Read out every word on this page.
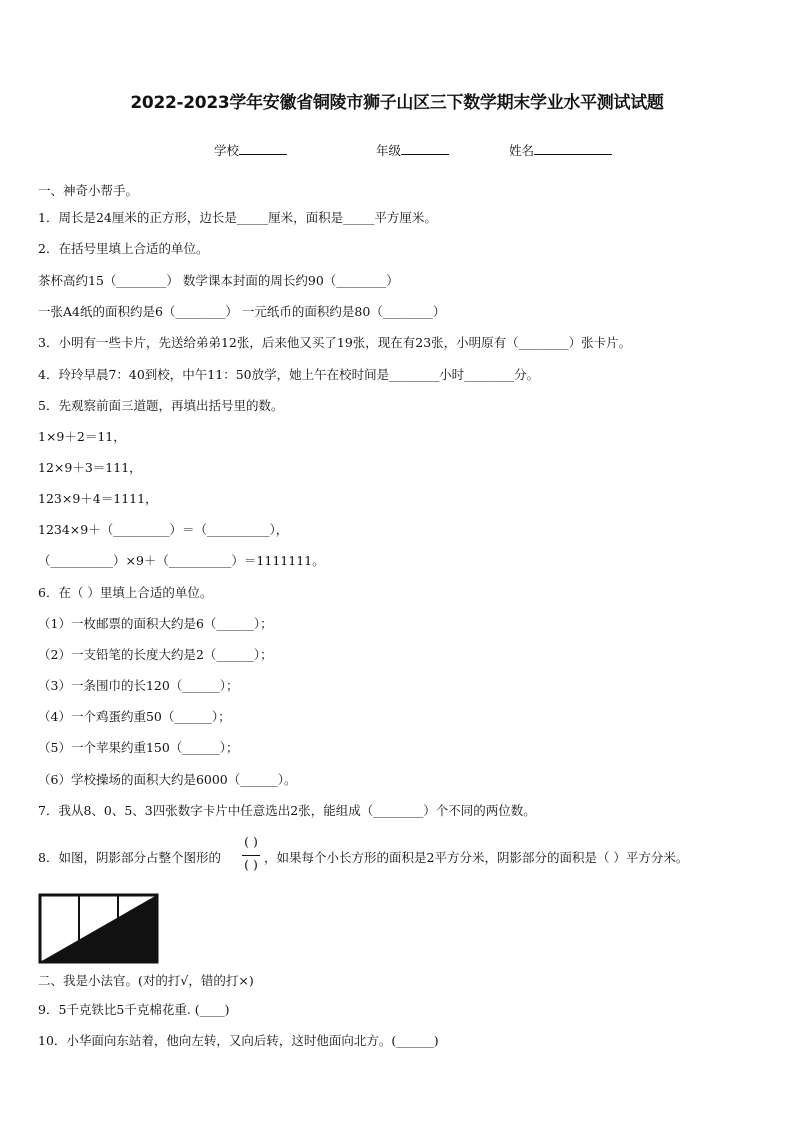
2022-2023学年安徽省铜陵市狮子山区三下数学期末学业水平测试试题
学校	年级	姓名
一、神奇小帮手。
1．周长是24厘米的正方形，边长是_____厘米，面积是_____平方厘米。
2．在括号里填上合适的单位。
茶杯高约15（________） 数学课本封面的周长约90（________）
一张A4纸的面积约是6（________） 一元纸币的面积约是80（________）
3．小明有一些卡片，先送给弟弟12张，后来他又买了19张，现在有23张，小明原有（________）张卡片。
4．玲玲早晨7：40到校，中午11：50放学，她上午在校时间是________小时________分。
5．先观察前面三道题，再填出括号里的数。
1×9＋2＝11，
12×9＋3＝111，
123×9＋4＝1111，
1234×9＋（_________）＝（__________），
（__________）×9＋（__________）＝1111111。
6．在（ ）里填上合适的单位。
（1）一枚邮票的面积大约是6（______）；
（2）一支铅笔的长度大约是2（______）；
（3）一条围巾的长120（______）；
（4）一个鸡蛋约重50（______）；
（5）一个苹果约重150（______）；
（6）学校操场的面积大约是6000（______）。
7．我从8、0、5、3四张数字卡片中任意选出2张，能组成（________）个不同的两位数。
8．如图，阴影部分占整个图形的
( )
( ) ，如果每个小长方形的面积是2平方分米，阴影部分的面积是（ ）平方分米。
二、我是小法官。(对的打√，错的打×)
9．5千克铁比5千克棉花重. (____)
10．小华面向东站着，他向左转，又向后转，这时他面向北方。(______)
